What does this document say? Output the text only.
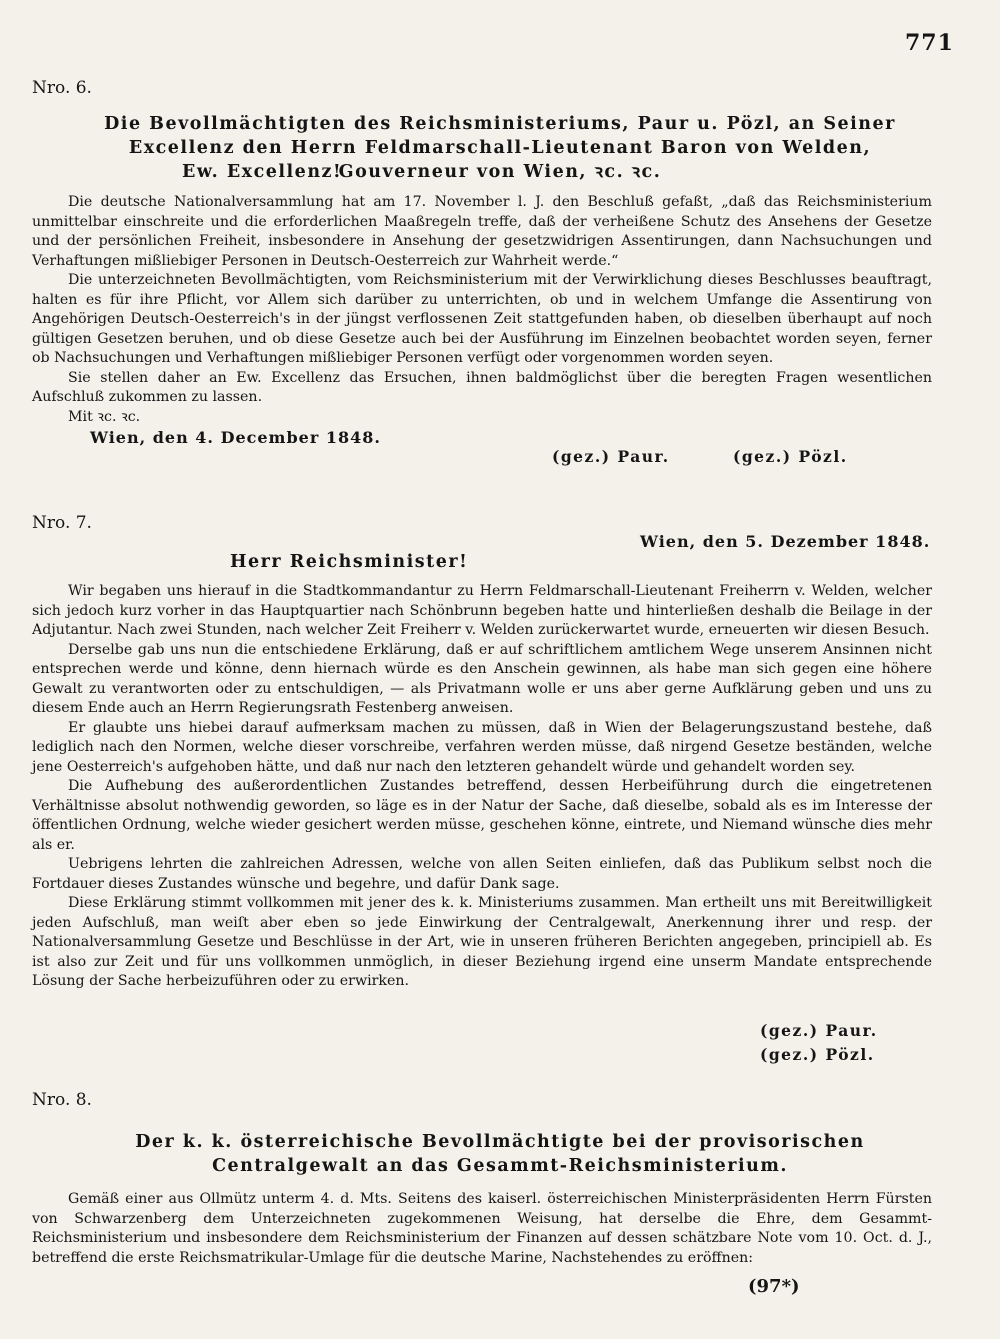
771
Nro. 6.
Die Bevollmächtigten des Reichsministeriums, Paur u. Pözl, an Seiner Excellenz den Herrn Feldmarschall-Lieutenant Baron von Welden, Gouverneur von Wien, ꝛc. ꝛc.
Ew. Excellenz!

Die deutsche Nationalversammlung hat am 17. November l. J. den Beschluß gefaßt, „daß das Reichsministerium unmittelbar einschreite und die erforderlichen Maaßregeln treffe, daß der verheißene Schutz des Ansehens der Gesetze und der persönlichen Freiheit, insbesondere in Ansehung der gesetzwidrigen Assentirungen, dann Nachsuchungen und Verhaftungen mißliebiger Personen in Deutsch-Oesterreich zur Wahrheit werde.“

Die unterzeichneten Bevollmächtigten, vom Reichsministerium mit der Verwirklichung dieses Beschlusses beauftragt, halten es für ihre Pflicht, vor Allem sich darüber zu unterrichten, ob und in welchem Umfange die Assentirung von Angehörigen Deutsch-Oesterreich's in der jüngst verflossenen Zeit stattgefunden haben, ob dieselben überhaupt auf noch gültigen Gesetzen beruhen, und ob diese Gesetze auch bei der Ausführung im Einzelnen beobachtet worden seyen, ferner ob Nachsuchungen und Verhaftungen mißliebiger Personen verfügt oder vorgenommen worden seyen.

Sie stellen daher an Ew. Excellenz das Ersuchen, ihnen baldmöglichst über die beregten Fragen wesentlichen Aufschluß zukommen zu lassen.

Mit ꝛc. ꝛc.

Wien, den 4. December 1848.
(gez.) Paur.	(gez.) Pözl.
Nro. 7.
Wien, den 5. Dezember 1848.
Herr Reichsminister!

Wir begaben uns hierauf in die Stadtkommandantur zu Herrn Feldmarschall-Lieutenant Freiherrn v. Welden, welcher sich jedoch kurz vorher in das Hauptquartier nach Schönbrunn begeben hatte und hinterließen deshalb die Beilage in der Adjutantur. Nach zwei Stunden, nach welcher Zeit Freiherr v. Welden zurückerwartet wurde, erneuerten wir diesen Besuch.

Derselbe gab uns nun die entschiedene Erklärung, daß er auf schriftlichem amtlichem Wege unserem Ansinnen nicht entsprechen werde und könne, denn hiernach würde es den Anschein gewinnen, als habe man sich gegen eine höhere Gewalt zu verantworten oder zu entschuldigen, — als Privatmann wolle er uns aber gerne Aufklärung geben und uns zu diesem Ende auch an Herrn Regierungsrath Festenberg anweisen.

Er glaubte uns hiebei darauf aufmerksam machen zu müssen, daß in Wien der Belagerungszustand bestehe, daß lediglich nach den Normen, welche dieser vorschreibe, verfahren werden müsse, daß nirgend Gesetze beständen, welche jene Oesterreich's aufgehoben hätte, und daß nur nach den letzteren gehandelt würde und gehandelt worden sey.

Die Aufhebung des außerordentlichen Zustandes betreffend, dessen Herbeiführung durch die eingetretenen Verhältnisse absolut nothwendig geworden, so läge es in der Natur der Sache, daß dieselbe, sobald als es im Interesse der öffentlichen Ordnung, welche wieder gesichert werden müsse, geschehen könne, eintrete, und Niemand wünsche dies mehr als er.

Uebrigens lehrten die zahlreichen Adressen, welche von allen Seiten einliefen, daß das Publikum selbst noch die Fortdauer dieses Zustandes wünsche und begehre, und dafür Dank sage.

Diese Erklärung stimmt vollkommen mit jener des k. k. Ministeriums zusammen. Man ertheilt uns mit Bereitwilligkeit jeden Aufschluß, man weiſt aber eben so jede Einwirkung der Centralgewalt, Anerkennung ihrer und resp. der Nationalversammlung Gesetze und Beschlüsse in der Art, wie in unseren früheren Berichten angegeben, principiell ab. Es ist also zur Zeit und für uns vollkommen unmöglich, in dieser Beziehung irgend eine unserm Mandate entsprechende Lösung der Sache herbeizuführen oder zu erwirken.

(gez.) Paur.
(gez.) Pözl.
Nro. 8.
Der k. k. österreichische Bevollmächtigte bei der provisorischen Centralgewalt an das Gesammt-Reichsministerium.

Gemäß einer aus Ollmütz unterm 4. d. Mts. Seitens des kaiserl. österreichischen Ministerpräsidenten Herrn Fürsten von Schwarzenberg dem Unterzeichneten zugekommenen Weisung, hat derselbe die Ehre, dem Gesammt-Reichsministerium und insbesondere dem Reichsministerium der Finanzen auf dessen schätzbare Note vom 10. Oct. d. J., betreffend die erste Reichsmatrikular-Umlage für die deutsche Marine, Nachstehendes zu eröffnen:

(97*)
